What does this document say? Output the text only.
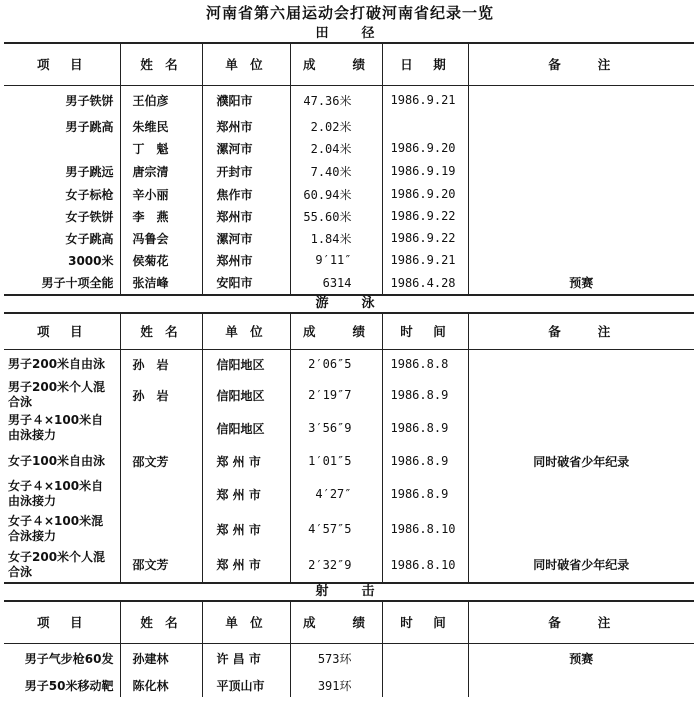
河南省第六届运动会打破河南省纪录一览
田　径
项　目	姓 名	单 位	成　　绩	日　期	备　　注
男子铁饼	王伯彦	濮阳市	47.36米	1986.9.21	
男子跳高	朱维民	郑州市	2.02米		
	丁　魁	漯河市	2.04米	1986.9.20	
男子跳远	唐宗清	开封市	7.40米	1986.9.19	
女子标枪	辛小丽	焦作市	60.94米	1986.9.20	
女子铁饼	李　燕	郑州市	55.60米	1986.9.22	
女子跳高	冯鲁会	漯河市	1.84米	1986.9.22	
3000米	侯菊花	郑州市	9′11″	1986.9.21	
男子十项全能	张洁峰	安阳市	6314	1986.4.28	预赛
游　泳
项　目	姓 名	单 位	成　　绩	时　间	备　　注
男子200米自由泳	孙　岩	信阳地区	2′06″5	1986.8.8	
男子200米个人混合泳	孙　岩	信阳地区	2′19″7	1986.8.9	
男子４×100米自由泳接力		信阳地区	3′56″9	1986.8.9	
女子100米自由泳	邵文芳	郑 州 市	1′01″5	1986.8.9	同时破省少年纪录
女子４×100米自由泳接力		郑 州 市	4′27″	1986.8.9	
女子４×100米混合泳接力		郑 州 市	4′57″5	1986.8.10	
女子200米个人混合泳	邵文芳	郑 州 市	2′32″9	1986.8.10	同时破省少年纪录
射　击
项　目	姓 名	单 位	成　　绩	时　间	备　　注
男子气步枪60发	孙建林	许 昌 市	573环		预赛
男子50米移动靶	陈化林	平顶山市	391环		
